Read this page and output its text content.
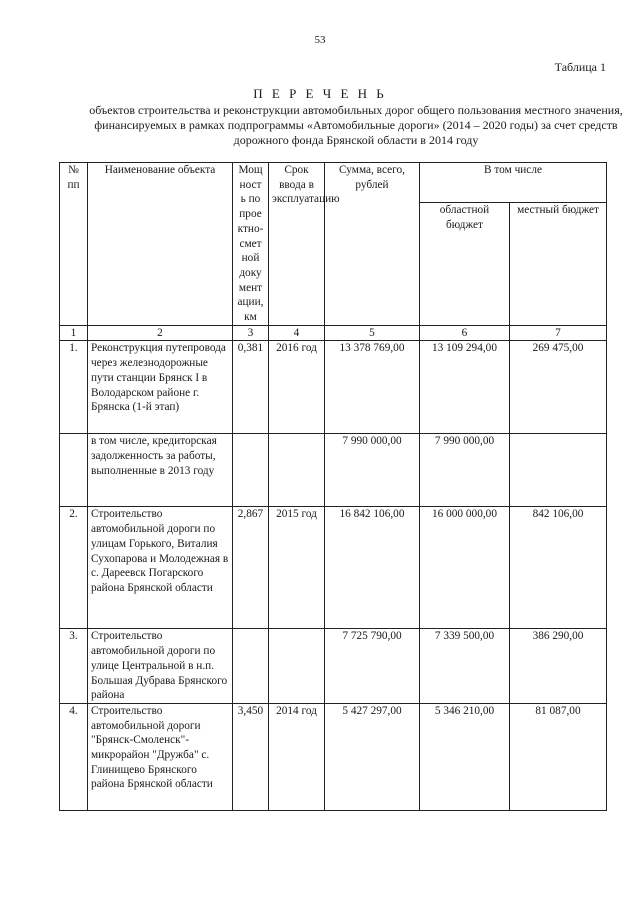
53
Таблица 1
П Е Р Е Ч Е Н Ь
объектов строительства и реконструкции автомобильных дорог общего пользования местного значения, финансируемых в рамках подпрограммы «Автомобильные дороги» (2014 – 2020 годы) за счет средств дорожного фонда Брянской области в 2014 году
№ пп	Наименование объекта	Мощность по проектно-сметной документации, км	Срок ввода в эксплуатацию	Сумма, всего, рублей	В том числе	
					областной бюджет	местный бюджет
1	2	3	4	5	6	7
1.	Реконструкция путепровода через железнодорожные пути станции Брянск I в Володарском районе г. Брянска (1-й этап)	0,381	2016 год	13 378 769,00	13 109 294,00	269 475,00
	в том числе, кредиторская задолженность за работы, выполненные в 2013 году			7 990 000,00	7 990 000,00	
2.	Строительство автомобильной дороги по улицам Горького, Виталия Сухопарова и Молодежная в с. Дареевск Погарского района Брянской области	2,867	2015 год	16 842 106,00	16 000 000,00	842 106,00
3.	Строительство автомобильной дороги по улице Центральной в н.п. Большая Дубрава Брянского района			7 725 790,00	7 339 500,00	386 290,00
4.	Строительство автомобильной дороги "Брянск-Смоленск"-микрорайон "Дружба" с. Глинищево Брянского района Брянской области	3,450	2014 год	5 427 297,00	5 346 210,00	81 087,00
